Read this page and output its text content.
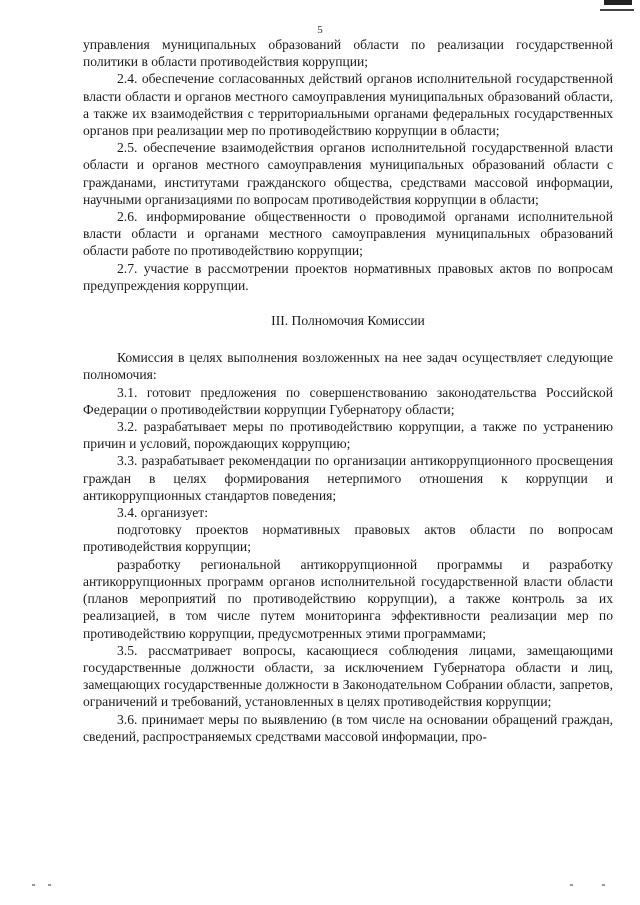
5

управления муниципальных образований области по реализации государственной политики в области противодействия коррупции;

2.4. обеспечение согласованных действий органов исполнительной государственной власти области и органов местного самоуправления муниципальных образований области, а также их взаимодействия с территориальными органами федеральных государственных органов при реализации мер по противодействию коррупции в области;

2.5. обеспечение взаимодействия органов исполнительной государственной власти области и органов местного самоуправления муниципальных образований области с гражданами, институтами гражданского общества, средствами массовой информации, научными организациями по вопросам противодействия коррупции в области;

2.6. информирование общественности о проводимой органами исполнительной власти области и органами местного самоуправления муниципальных образований области работе по противодействию коррупции;

2.7. участие в рассмотрении проектов нормативных правовых актов по вопросам предупреждения коррупции.

III. Полномочия Комиссии

Комиссия в целях выполнения возложенных на нее задач осуществляет следующие полномочия:

3.1. готовит предложения по совершенствованию законодательства Российской Федерации о противодействии коррупции Губернатору области;

3.2. разрабатывает меры по противодействию коррупции, а также по устранению причин и условий, порождающих коррупцию;

3.3. разрабатывает рекомендации по организации антикоррупционного просвещения граждан в целях формирования нетерпимого отношения к коррупции и антикоррупционных стандартов поведения;

3.4. организует:

подготовку проектов нормативных правовых актов области по вопросам противодействия коррупции;

разработку региональной антикоррупционной программы и разработку антикоррупционных программ органов исполнительной государственной власти области (планов мероприятий по противодействию коррупции), а также контроль за их реализацией, в том числе путем мониторинга эффективности реализации мер по противодействию коррупции, предусмотренных этими программами;

3.5. рассматривает вопросы, касающиеся соблюдения лицами, замещающими государственные должности области, за исключением Губернатора области и лиц, замещающих государственные должности в Законодательном Собрании области, запретов, ограничений и требований, установленных в целях противодействия коррупции;

3.6. принимает меры по выявлению (в том числе на основании обращений граждан, сведений, распространяемых средствами массовой информации, про-
